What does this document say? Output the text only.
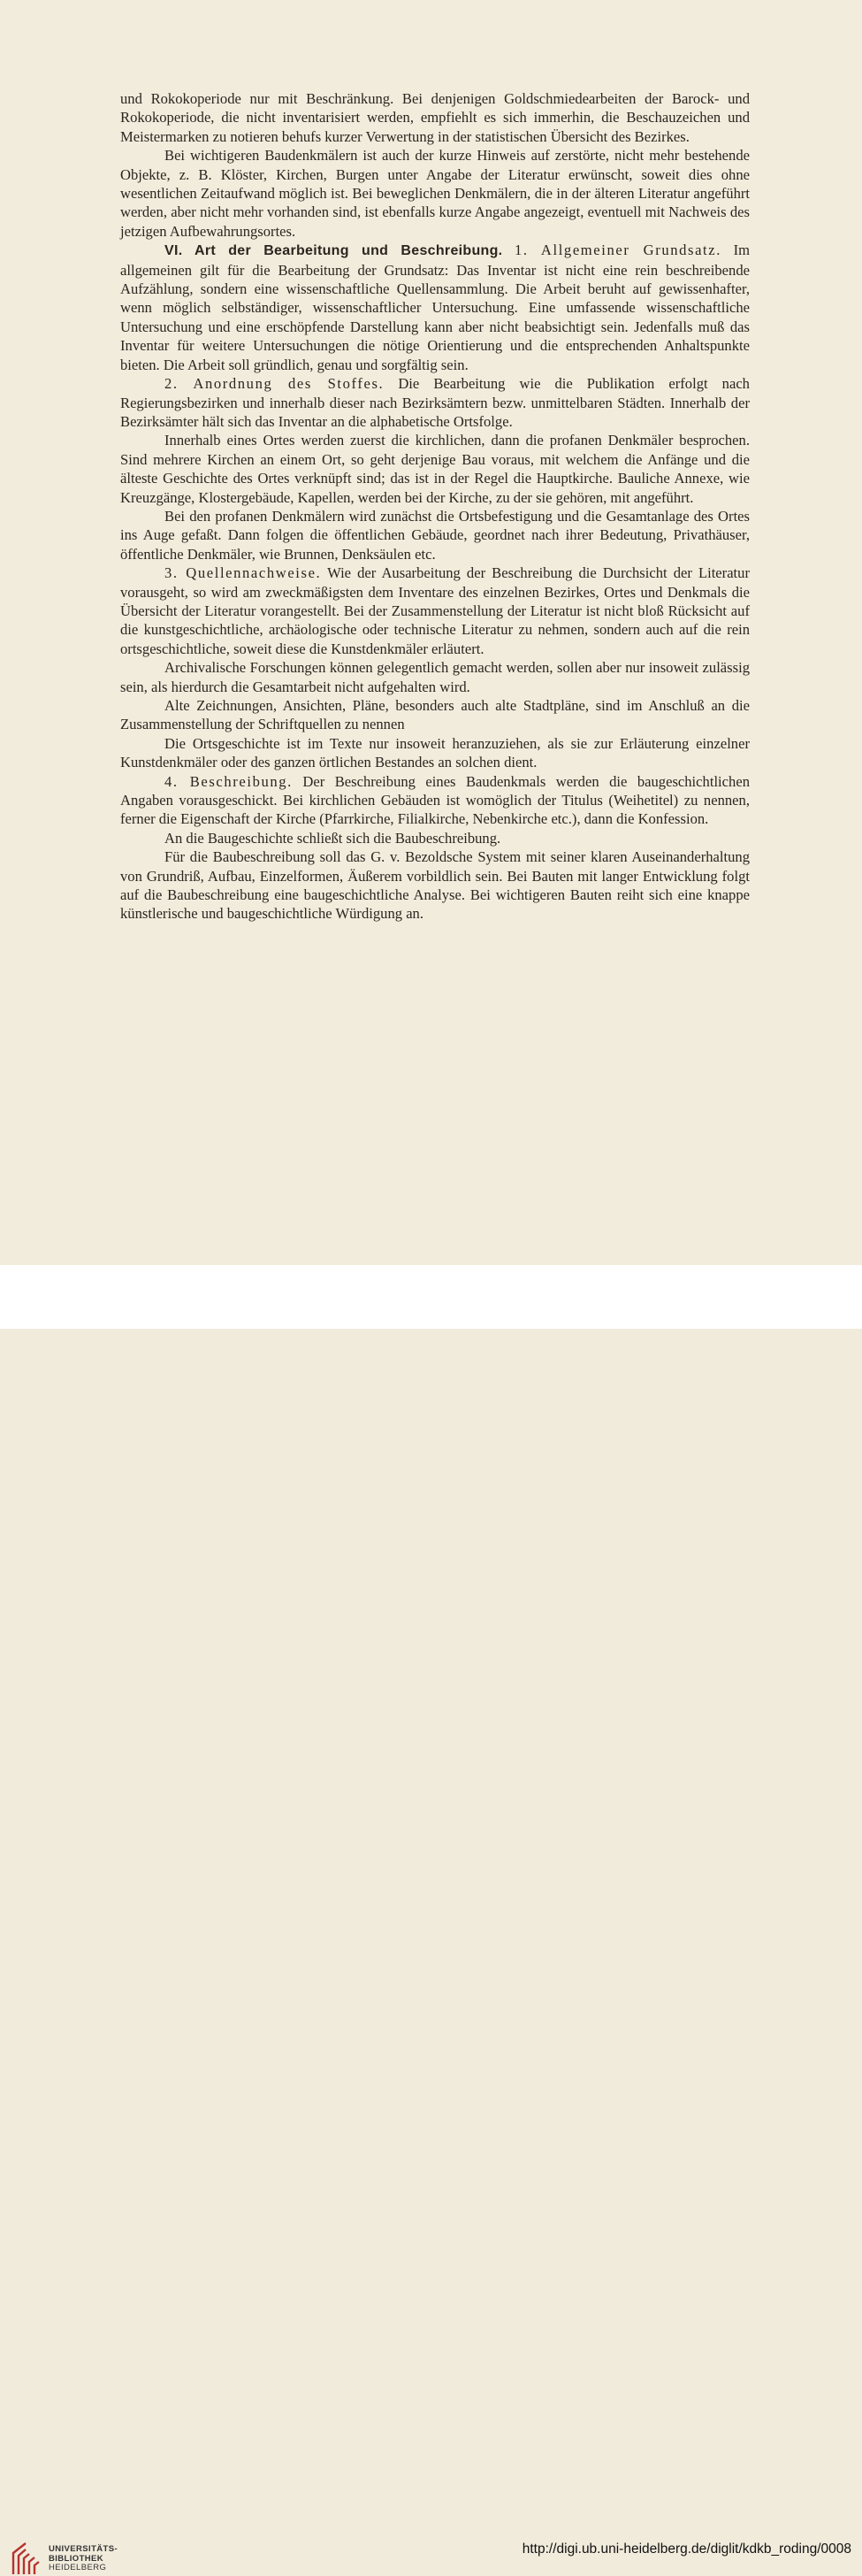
und Rokokoperiode nur mit Beschränkung. Bei denjenigen Goldschmiedearbeiten der Barock- und Rokokoperiode, die nicht inventarisiert werden, empfiehlt es sich immerhin, die Beschauzeichen und Meistermarken zu notieren behufs kurzer Verwertung in der statistischen Übersicht des Bezirkes.

Bei wichtigeren Baudenkmälern ist auch der kurze Hinweis auf zerstörte, nicht mehr bestehende Objekte, z. B. Klöster, Kirchen, Burgen unter Angabe der Literatur erwünscht, soweit dies ohne wesentlichen Zeitaufwand möglich ist. Bei beweglichen Denkmälern, die in der älteren Literatur angeführt werden, aber nicht mehr vorhanden sind, ist ebenfalls kurze Angabe angezeigt, eventuell mit Nachweis des jetzigen Aufbewahrungsortes.

VI. Art der Bearbeitung und Beschreibung. 1. Allgemeiner Grundsatz. Im allgemeinen gilt für die Bearbeitung der Grundsatz: Das Inventar ist nicht eine rein beschreibende Aufzählung, sondern eine wissenschaftliche Quellensammlung. Die Arbeit beruht auf gewissenhafter, wenn möglich selbständiger, wissenschaftlicher Untersuchung. Eine umfassende wissenschaftliche Untersuchung und eine erschöpfende Darstellung kann aber nicht beabsichtigt sein. Jedenfalls muß das Inventar für weitere Untersuchungen die nötige Orientierung und die entsprechenden Anhaltspunkte bieten. Die Arbeit soll gründlich, genau und sorgfältig sein.

2. Anordnung des Stoffes. Die Bearbeitung wie die Publikation erfolgt nach Regierungsbezirken und innerhalb dieser nach Bezirksämtern bezw. unmittelbaren Städten. Innerhalb der Bezirksämter hält sich das Inventar an die alphabetische Ortsfolge.

Innerhalb eines Ortes werden zuerst die kirchlichen, dann die profanen Denkmäler besprochen. Sind mehrere Kirchen an einem Ort, so geht derjenige Bau voraus, mit welchem die Anfänge und die älteste Geschichte des Ortes verknüpft sind; das ist in der Regel die Hauptkirche. Bauliche Annexe, wie Kreuzgänge, Klostergebäude, Kapellen, werden bei der Kirche, zu der sie gehören, mit angeführt.

Bei den profanen Denkmälern wird zunächst die Ortsbefestigung und die Gesamtanlage des Ortes ins Auge gefaßt. Dann folgen die öffentlichen Gebäude, geordnet nach ihrer Bedeutung, Privathäuser, öffentliche Denkmäler, wie Brunnen, Denksäulen etc.

3. Quellennachweise. Wie der Ausarbeitung der Beschreibung die Durchsicht der Literatur vorausgeht, so wird am zweckmäßigsten dem Inventare des einzelnen Bezirkes, Ortes und Denkmals die Übersicht der Literatur vorangestellt. Bei der Zusammenstellung der Literatur ist nicht bloß Rücksicht auf die kunstgeschichtliche, archäologische oder technische Literatur zu nehmen, sondern auch auf die rein ortsgeschichtliche, soweit diese die Kunstdenkmäler erläutert.

Archivalische Forschungen können gelegentlich gemacht werden, sollen aber nur insoweit zulässig sein, als hierdurch die Gesamtarbeit nicht aufgehalten wird.

Alte Zeichnungen, Ansichten, Pläne, besonders auch alte Stadtpläne, sind im Anschluß an die Zusammenstellung der Schriftquellen zu nennen

Die Ortsgeschichte ist im Texte nur insoweit heranzuziehen, als sie zur Erläuterung einzelner Kunstdenkmäler oder des ganzen örtlichen Bestandes an solchen dient.

4. Beschreibung. Der Beschreibung eines Baudenkmals werden die baugeschichtlichen Angaben vorausgeschickt. Bei kirchlichen Gebäuden ist womöglich der Titulus (Weihetitel) zu nennen, ferner die Eigenschaft der Kirche (Pfarrkirche, Filialkirche, Nebenkirche etc.), dann die Konfession.

An die Baugeschichte schließt sich die Baubeschreibung.

Für die Baubeschreibung soll das G. v. Bezoldsche System mit seiner klaren Auseinanderhaltung von Grundriß, Aufbau, Einzelformen, Äußerem vorbildlich sein. Bei Bauten mit langer Entwicklung folgt auf die Baubeschreibung eine baugeschichtliche Analyse. Bei wichtigeren Bauten reiht sich eine knappe künstlerische und baugeschichtliche Würdigung an.

UNIVERSITÄTS-
BIBLIOTHEK
HEIDELBERG
http://digi.ub.uni-heidelberg.de/diglit/kdkb_roding/0008
